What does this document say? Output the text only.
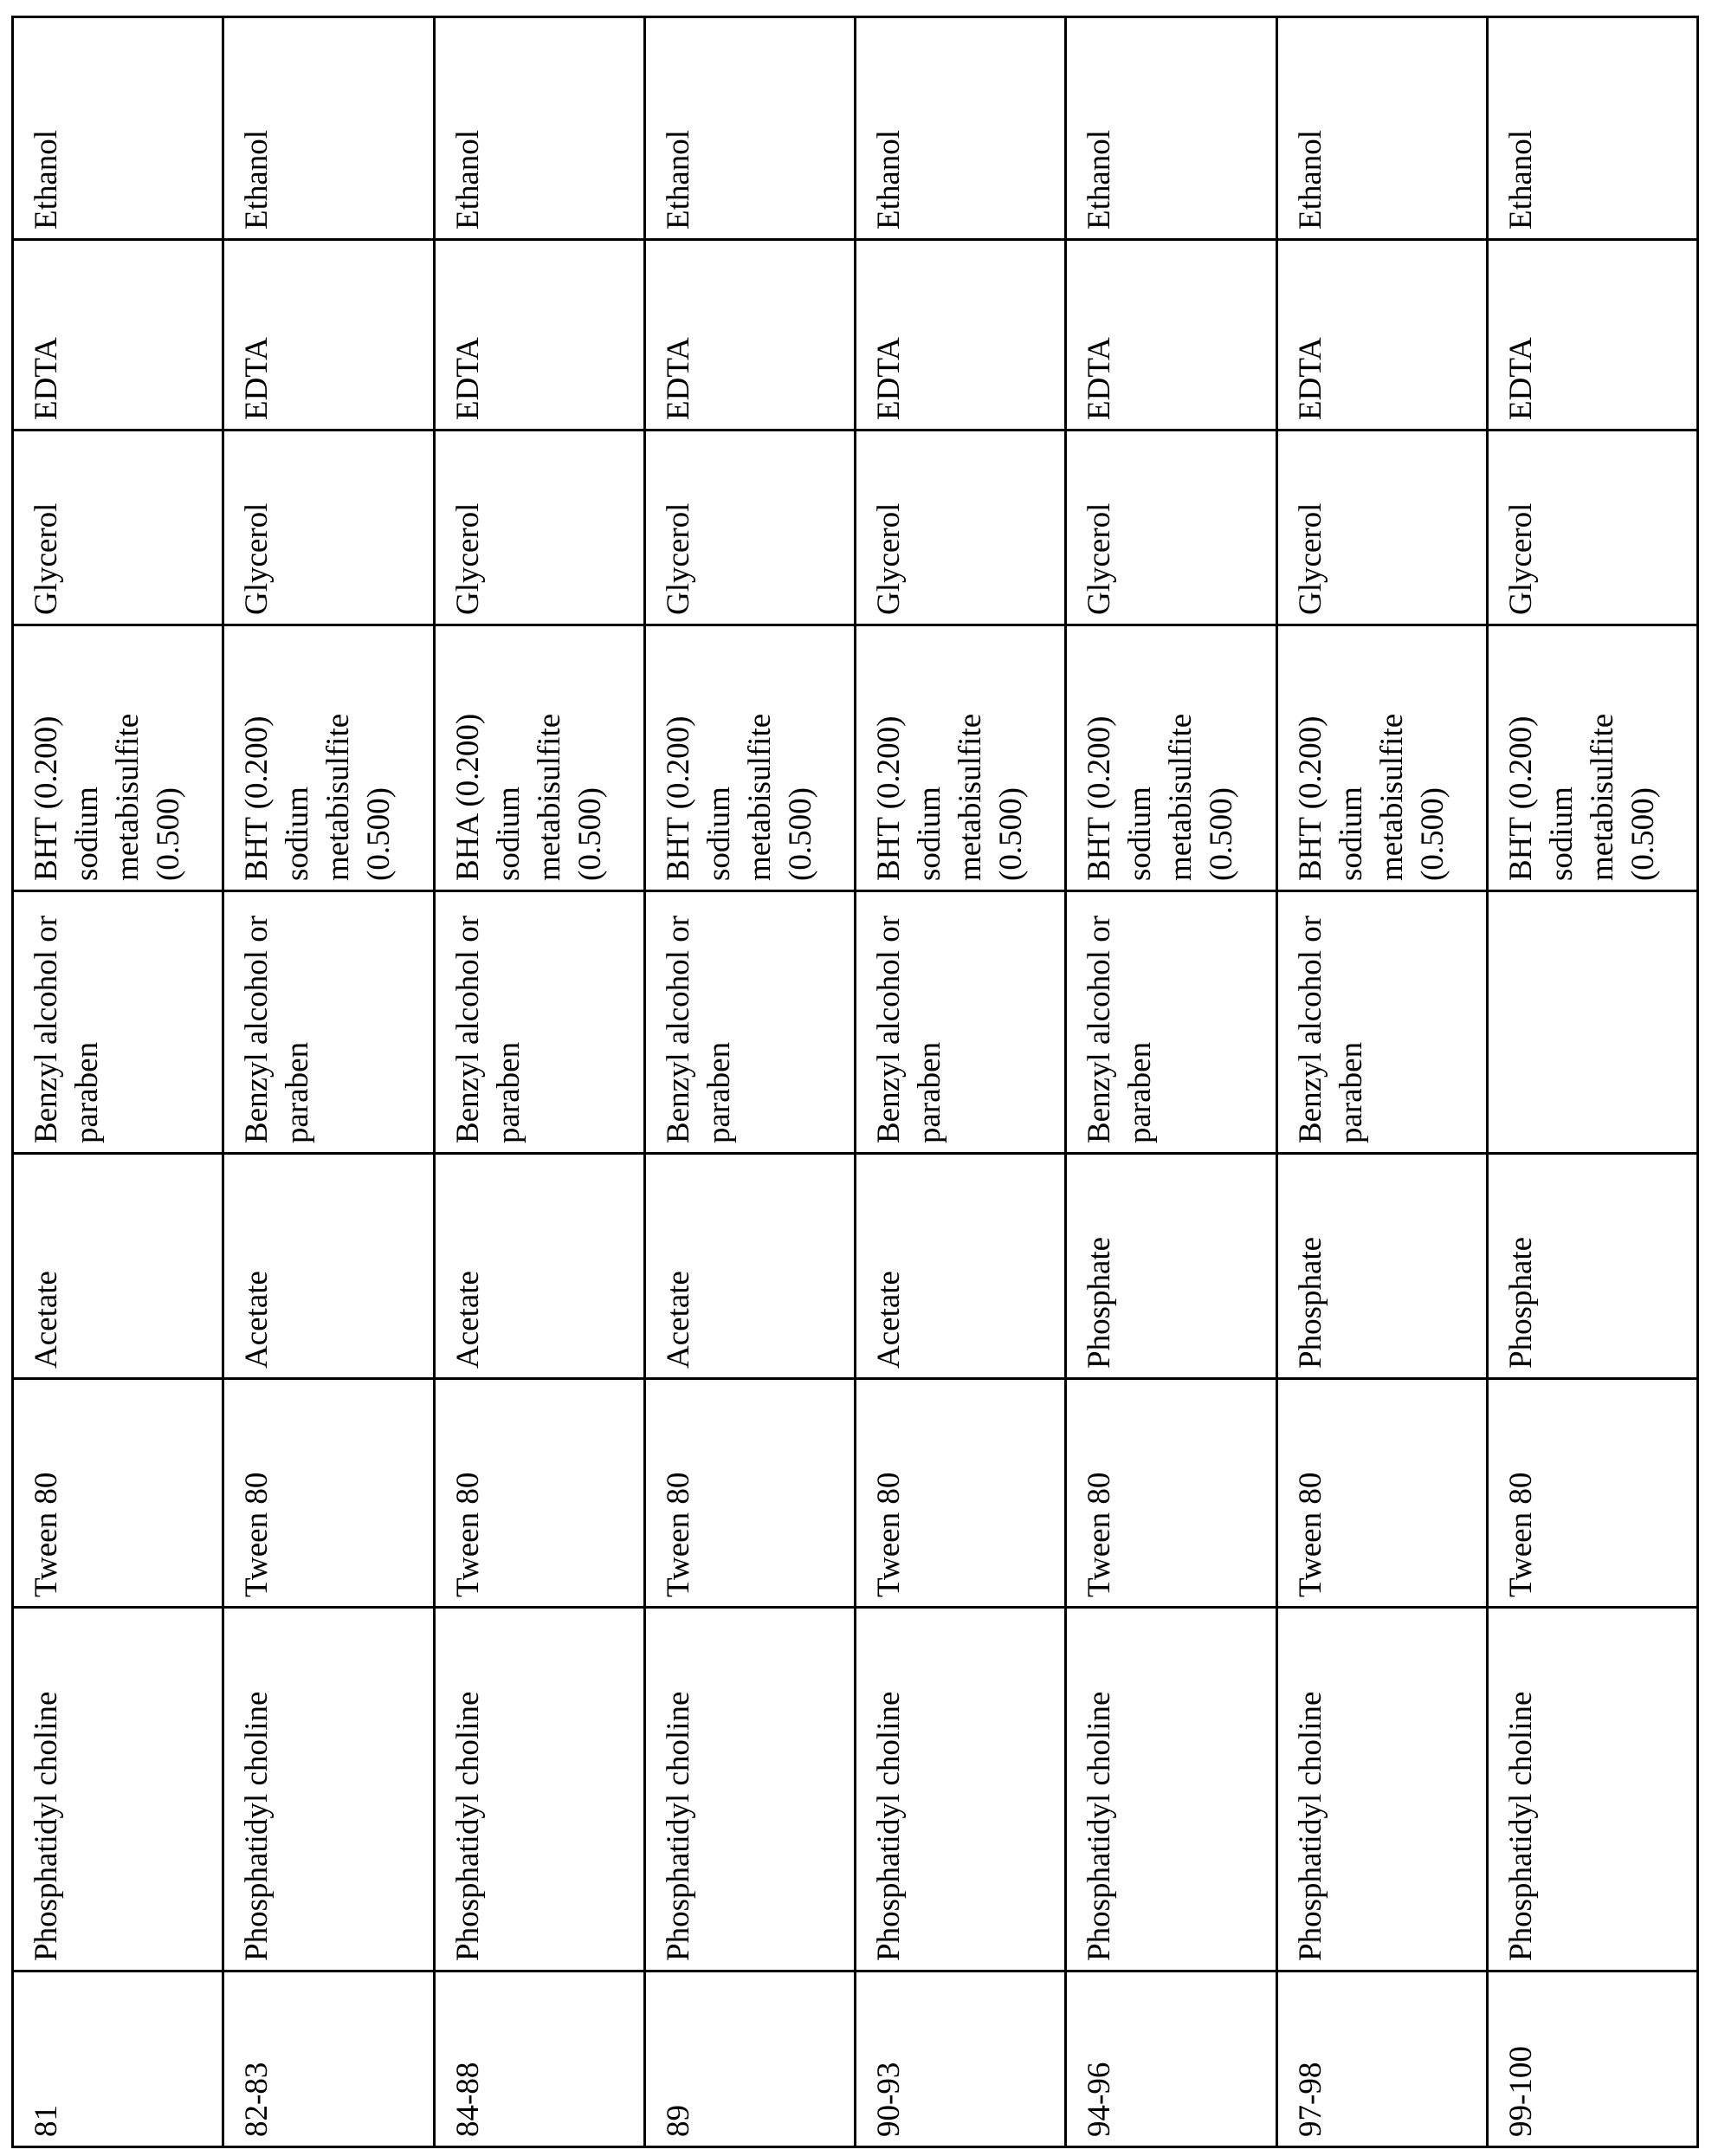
81	Phosphatidyl choline	Tween 80	Acetate	Benzyl alcohol or paraben	
BHT (0.200) sodium metabisulfite (0.500)
	Glycerol	EDTA	Ethanol
82-83	Phosphatidyl choline	Tween 80	Acetate	Benzyl alcohol or paraben	
BHT (0.200) sodium metabisulfite (0.500)
	Glycerol	EDTA	Ethanol
84-88	Phosphatidyl choline	Tween 80	Acetate	Benzyl alcohol or paraben	
BHA (0.200) sodium metabisulfite (0.500)
	Glycerol	EDTA	Ethanol
89	Phosphatidyl choline	Tween 80	Acetate	Benzyl alcohol or paraben	
BHT (0.200) sodium metabisulfite (0.500)
	Glycerol	EDTA	Ethanol
90-93	Phosphatidyl choline	Tween 80	Acetate	Benzyl alcohol or paraben	
BHT (0.200) sodium metabisulfite (0.500)
	Glycerol	EDTA	Ethanol
94-96	Phosphatidyl choline	Tween 80	Phosphate	Benzyl alcohol or paraben	
BHT (0.200) sodium metabisulfite (0.500)
	Glycerol	EDTA	Ethanol
97-98	Phosphatidyl choline	Tween 80	Phosphate	Benzyl alcohol or paraben	
BHT (0.200) sodium metabisulfite (0.500)
	Glycerol	EDTA	Ethanol
99-100	Phosphatidyl choline	Tween 80	Phosphate		
BHT (0.200) sodium metabisulfite (0.500)
	Glycerol	EDTA	Ethanol
